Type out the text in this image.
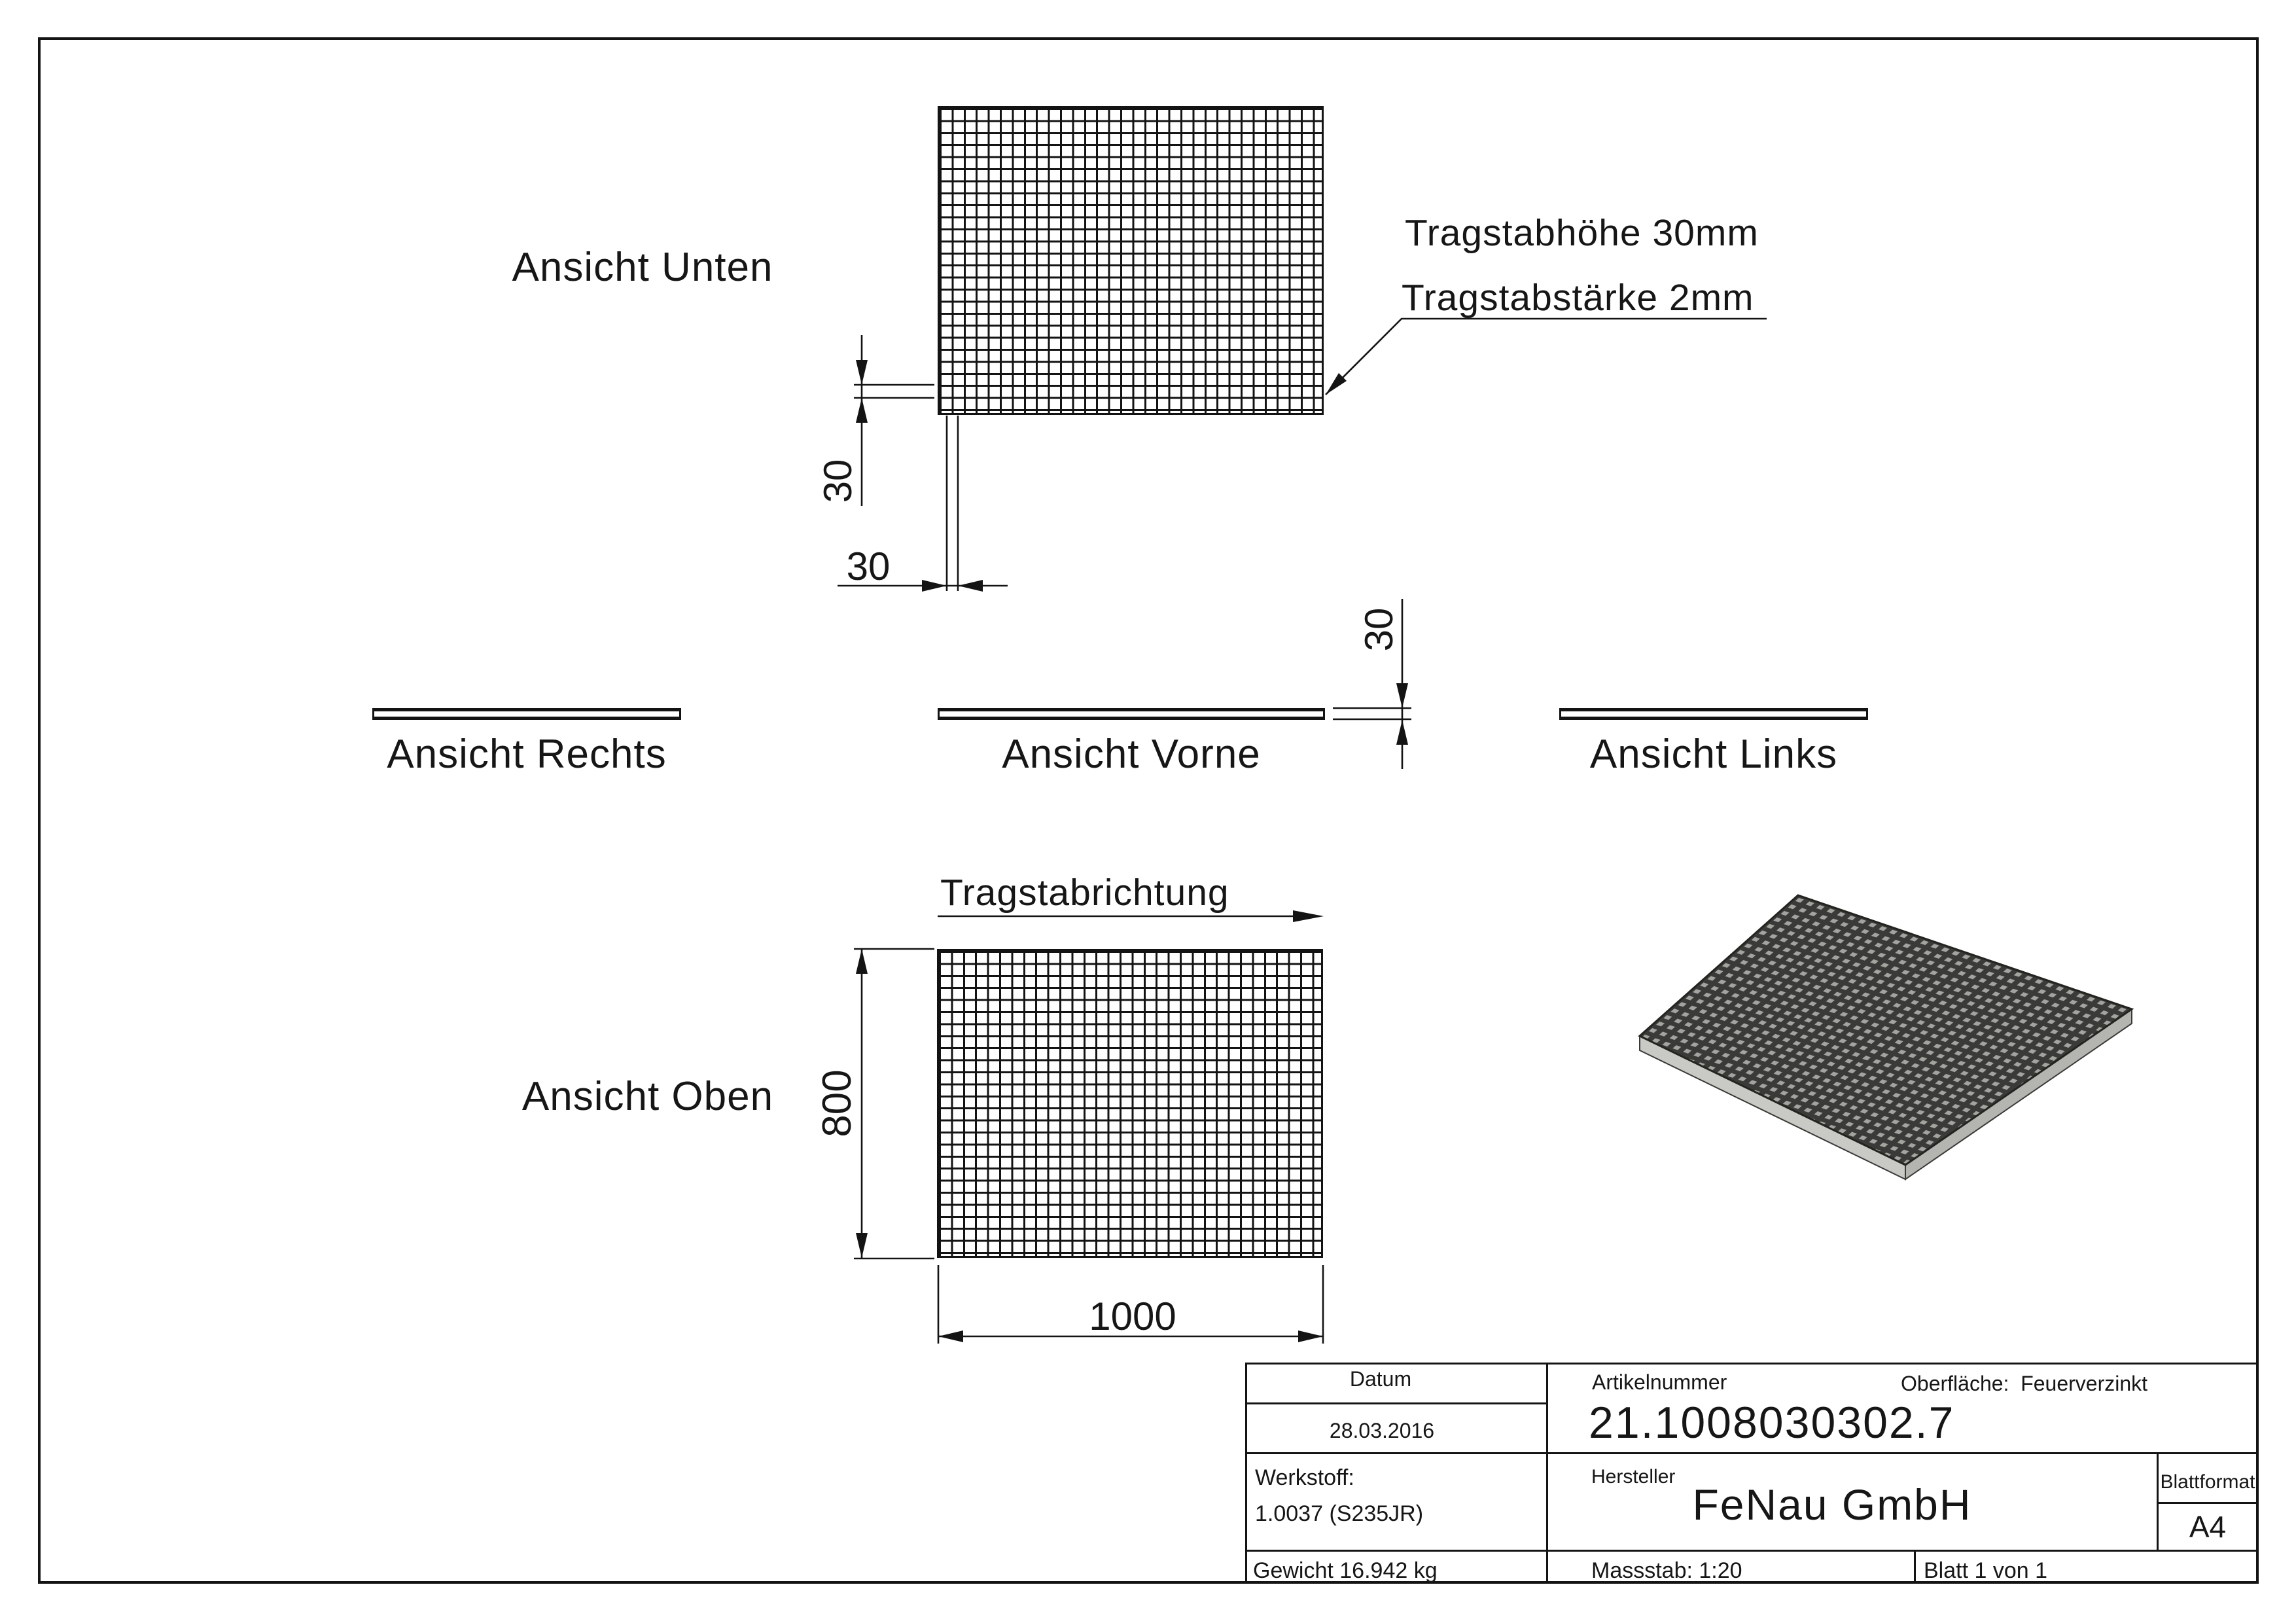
Ansicht Unten
Tragstabhöhe 30mm
Tragstabstärke 2mm
30
30
Ansicht Rechts	Ansicht Vorne	Ansicht Links
30
Ansicht Oben
Tragstabrichtung
800
1000
Datum
28.03.2016
Artikelnummer
21.1008030302.7
Oberfläche:  Feuerverzinkt
Werkstoff:
1.0037 (S235JR)
Hersteller
FeNau GmbH	Blattformat
A4
Gewicht 16.942 kg	Massstab: 1:20	Blatt 1 von 1
